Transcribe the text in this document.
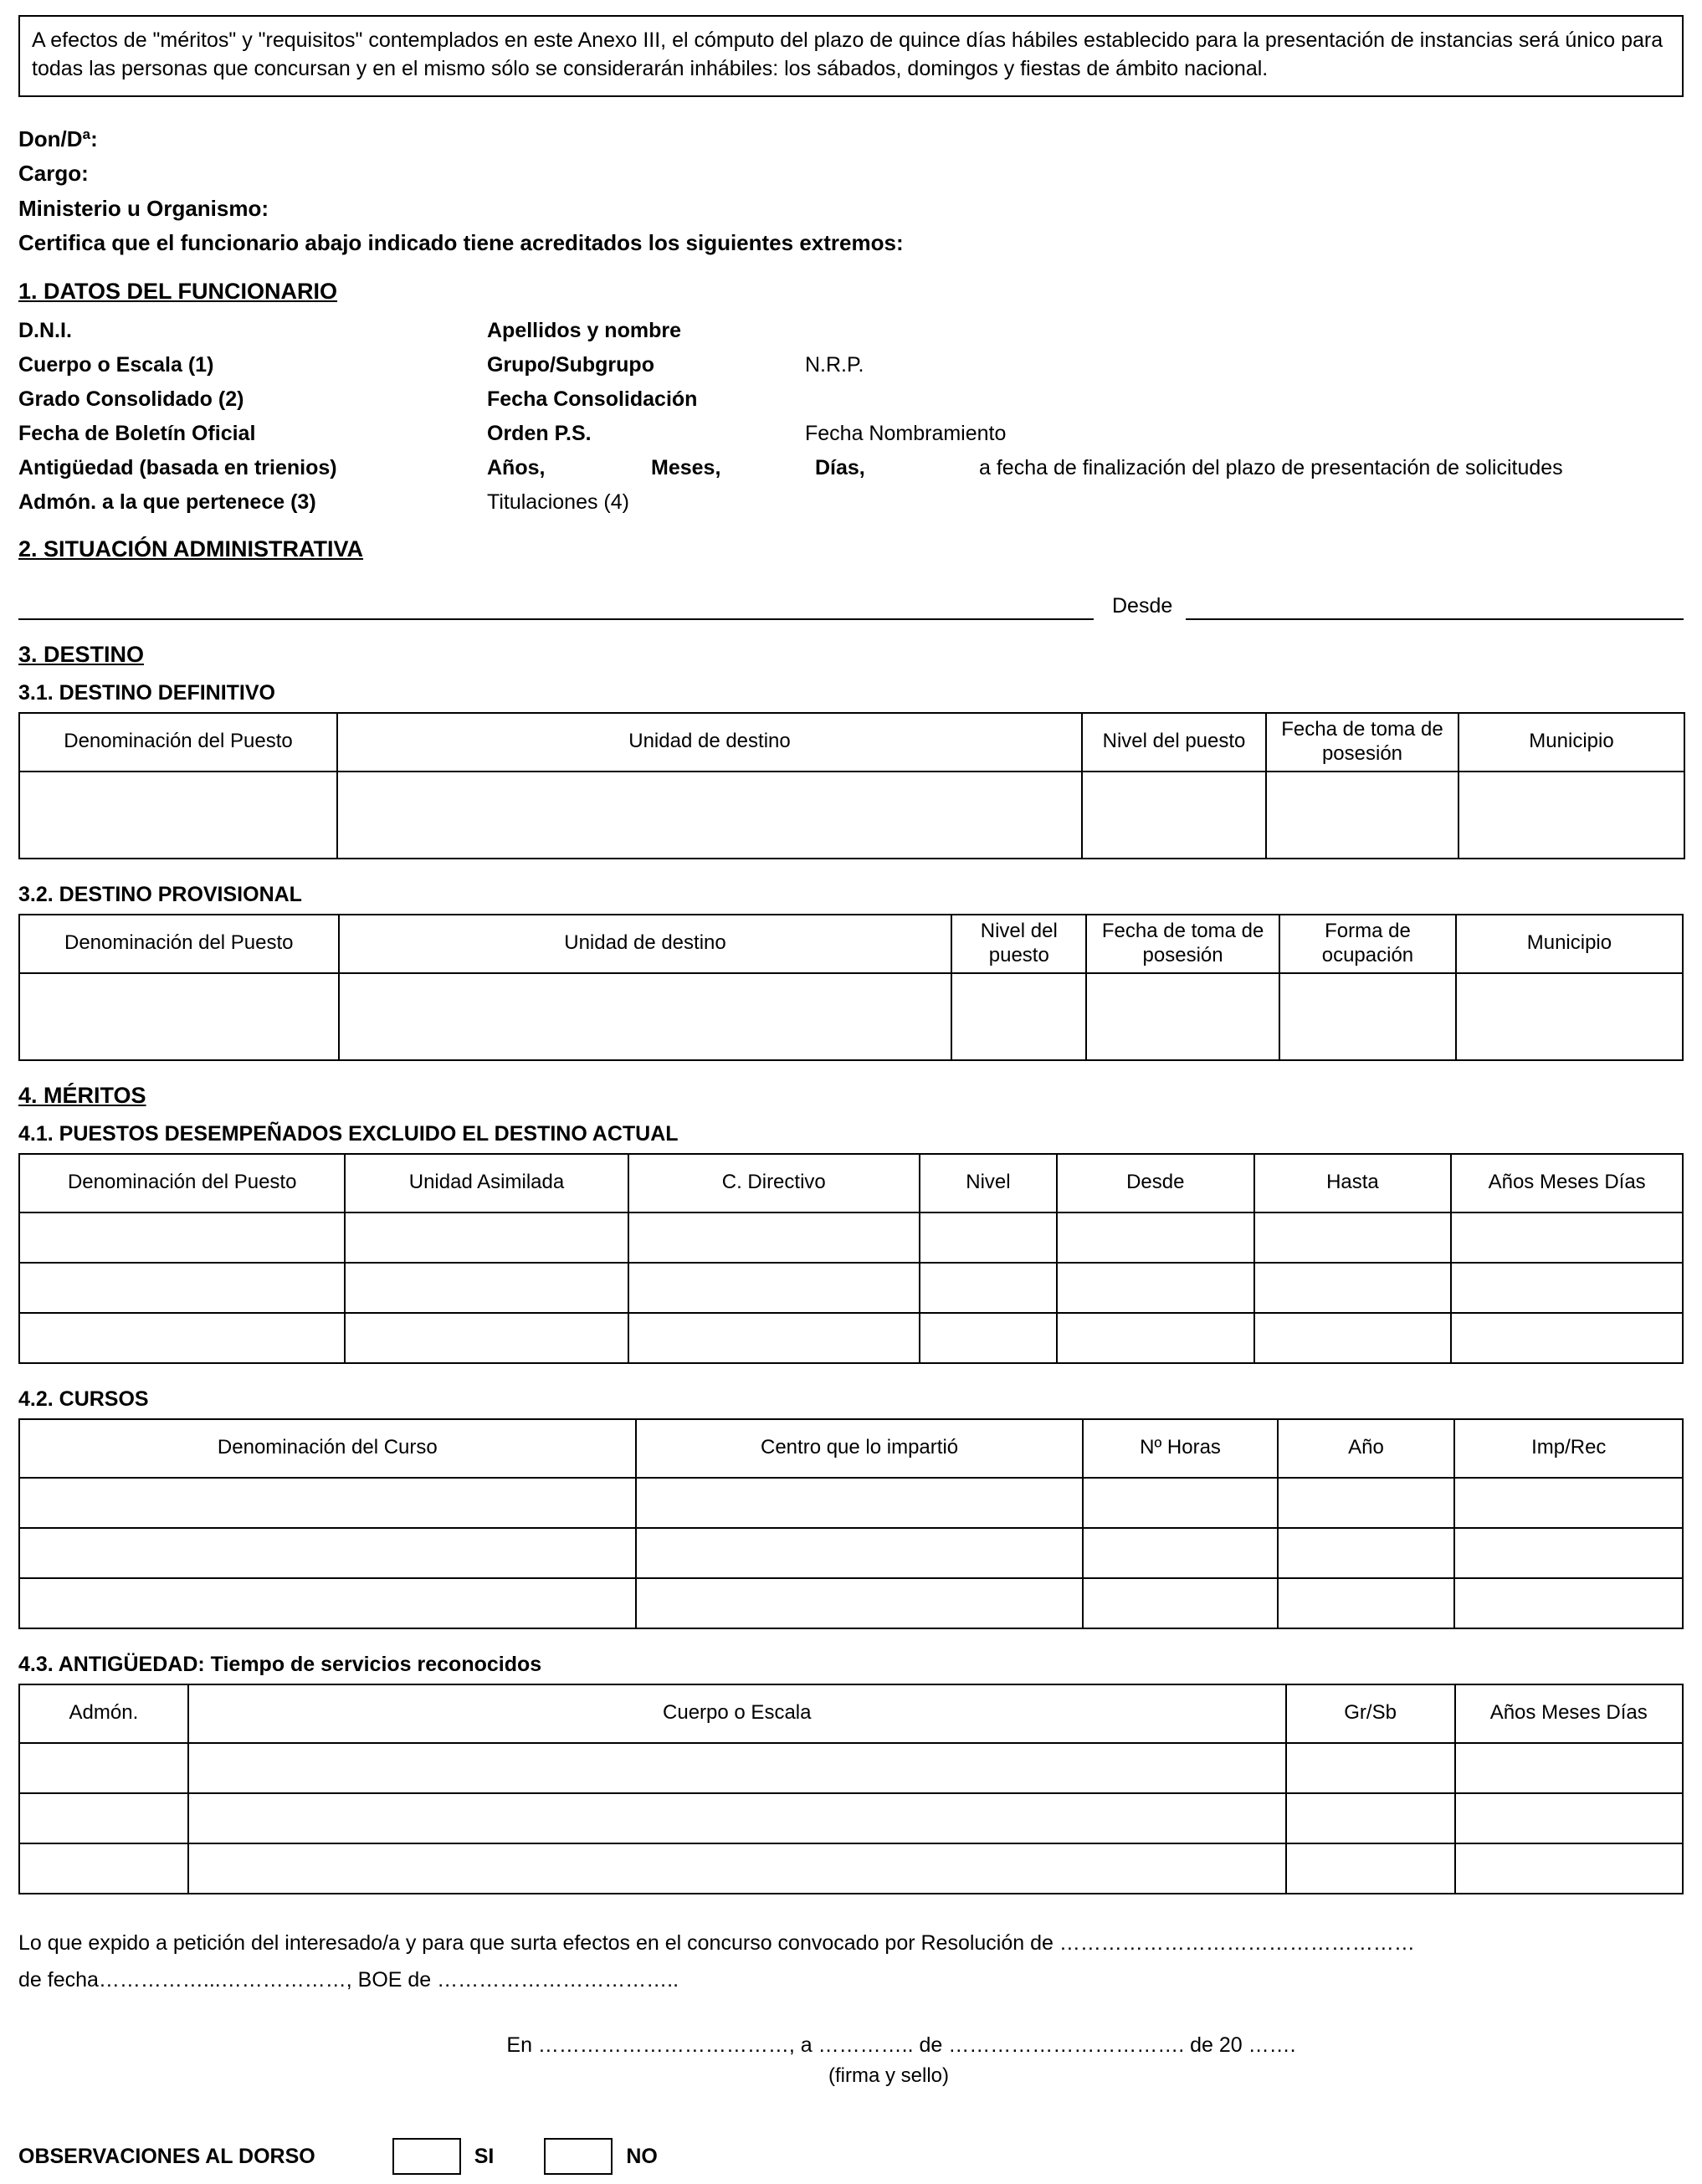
A efectos de "méritos" y "requisitos" contemplados en este Anexo III, el cómputo del plazo de quince días hábiles establecido para la presentación de instancias será único para todas las personas que concursan y en el mismo sólo se considerarán inhábiles: los sábados, domingos y fiestas de ámbito nacional.

Don/Dª:
Cargo:
Ministerio u Organismo:
Certifica que el funcionario abajo indicado tiene acreditados los siguientes extremos:
1. DATOS DEL FUNCIONARIO
D.N.I.	Apellidos y nombre
Cuerpo o Escala (1)	Grupo/Subgrupo	N.R.P.
Grado Consolidado (2)	Fecha Consolidación
Fecha de Boletín Oficial	Orden P.S.	Fecha Nombramiento
Antigüedad (basada en trienios)	Años,	Meses,	Días,	a fecha de finalización del plazo de presentación de solicitudes
Admón. a la que pertenece (3)	Titulaciones (4)
2. SITUACIÓN ADMINISTRATIVA
Desde
3. DESTINO
3.1. DESTINO DEFINITIVO
Denominación del Puesto	Unidad de destino	Nivel del puesto	Fecha de toma de posesión	Municipio

3.2. DESTINO PROVISIONAL
Denominación del Puesto	Unidad de destino	Nivel del puesto	Fecha de toma de posesión	Forma de ocupación	Municipio

4. MÉRITOS
4.1. PUESTOS DESEMPEÑADOS EXCLUIDO EL DESTINO ACTUAL
Denominación del Puesto	Unidad Asimilada	C. Directivo	Nivel	Desde	Hasta	Años Meses Días

4.2. CURSOS
Denominación del Curso	Centro que lo impartió	Nº Horas	Año	Imp/Rec

4.3. ANTIGÜEDAD: Tiempo de servicios reconocidos
Admón.	Cuerpo o Escala	Gr/Sb	Años Meses Días

Lo que expido a petición del interesado/a y para que surta efectos en el concurso convocado por Resolución de ……………………………………………

de fecha……………...………………, BOE de ……………………………..

En ………………………………, a ………….. de ……………………………. de 20 …….
(firma y sello)
OBSERVACIONES AL DORSO	SI	NO
